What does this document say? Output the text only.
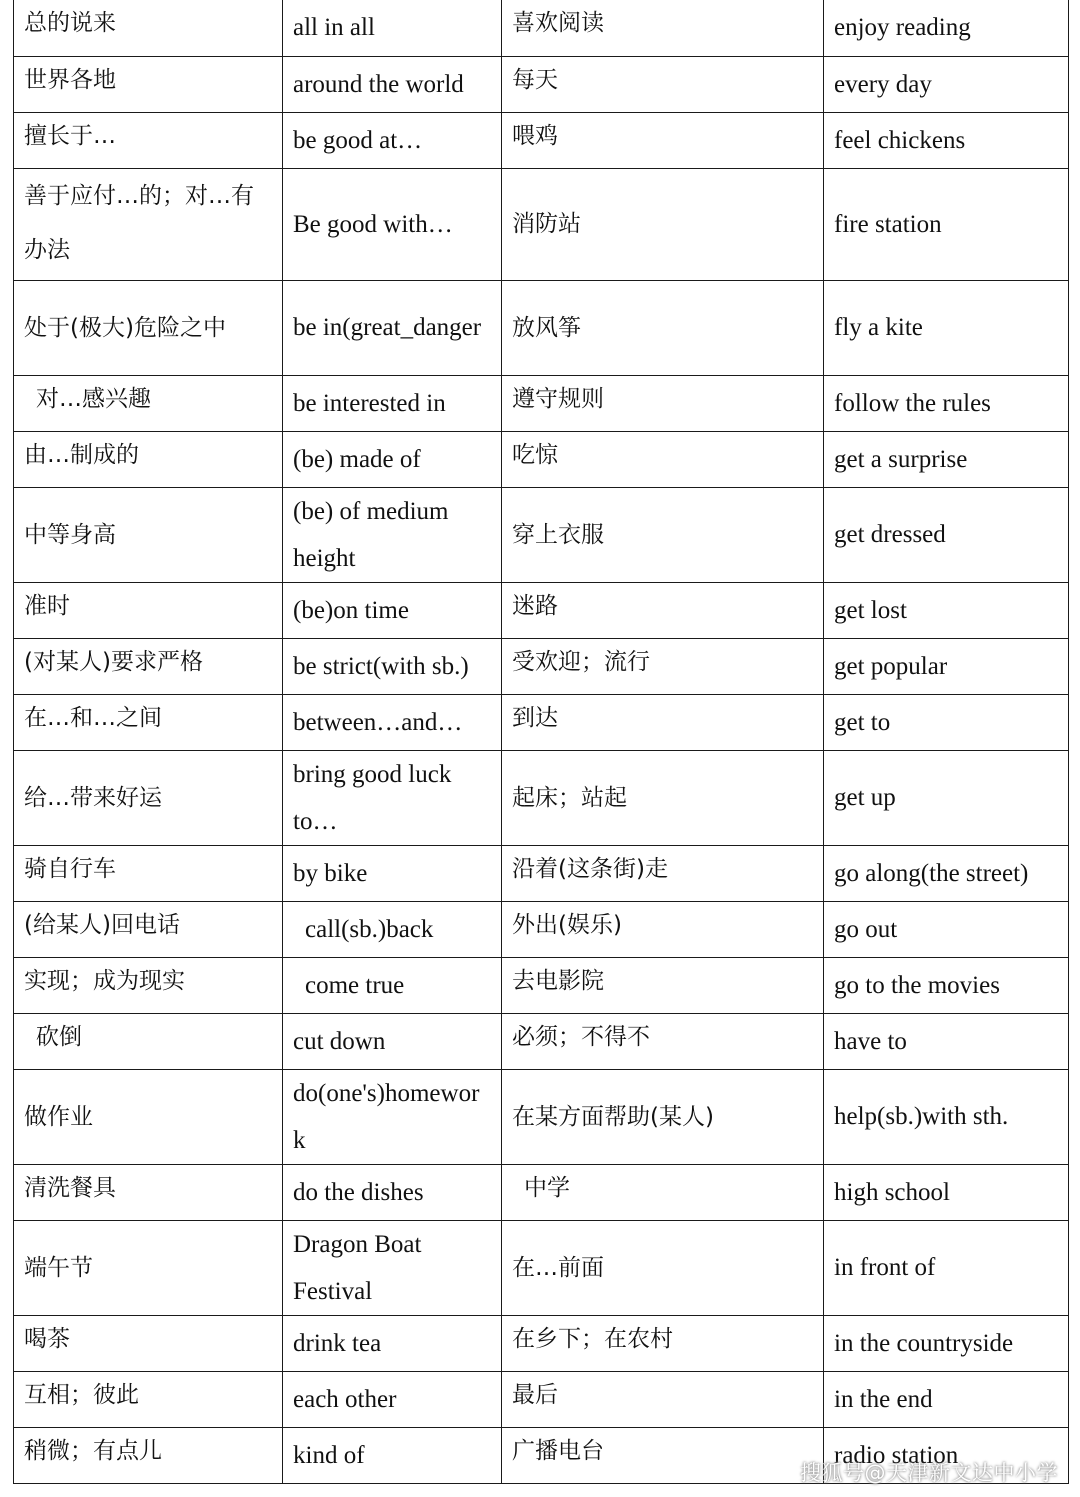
总的说来	all in all	喜欢阅读	enjoy reading
世界各地	around the world	每天	every day
擅长于…	be good at…	喂鸡	feel chickens
善于应付…的；对…有办法	Be good with…	消防站	fire station
处于(极大)危险之中	be in(great_danger	放风筝	fly a kite
对…感兴趣	be interested in	遵守规则	follow the rules
由…制成的	(be) made of	吃惊	get a surprise
中等身高	(be) of medium height	穿上衣服	get dressed
准时	(be)on time	迷路	get lost
(对某人)要求严格	be strict(with sb.)	受欢迎；流行	get popular
在…和…之间	between…and…	到达	get to
给…带来好运	bring good luck to…	起床；站起	get up
骑自行车	by bike	沿着(这条街)走	go along(the street)
(给某人)回电话	call(sb.)back	外出(娱乐)	go out
实现；成为现实	come true	去电影院	go to the movies
砍倒	cut down	必须；不得不	have to
做作业	do(one's)homework	在某方面帮助(某人)	help(sb.)with sth.
清洗餐具	do the dishes	中学	high school
端午节	Dragon Boat Festival	在…前面	in front of
喝茶	drink tea	在乡下；在农村	in the countryside
互相；彼此	each other	最后	in the end
稍微；有点儿	kind of	广播电台	radio station
搜狐号@天津新文达中小学
